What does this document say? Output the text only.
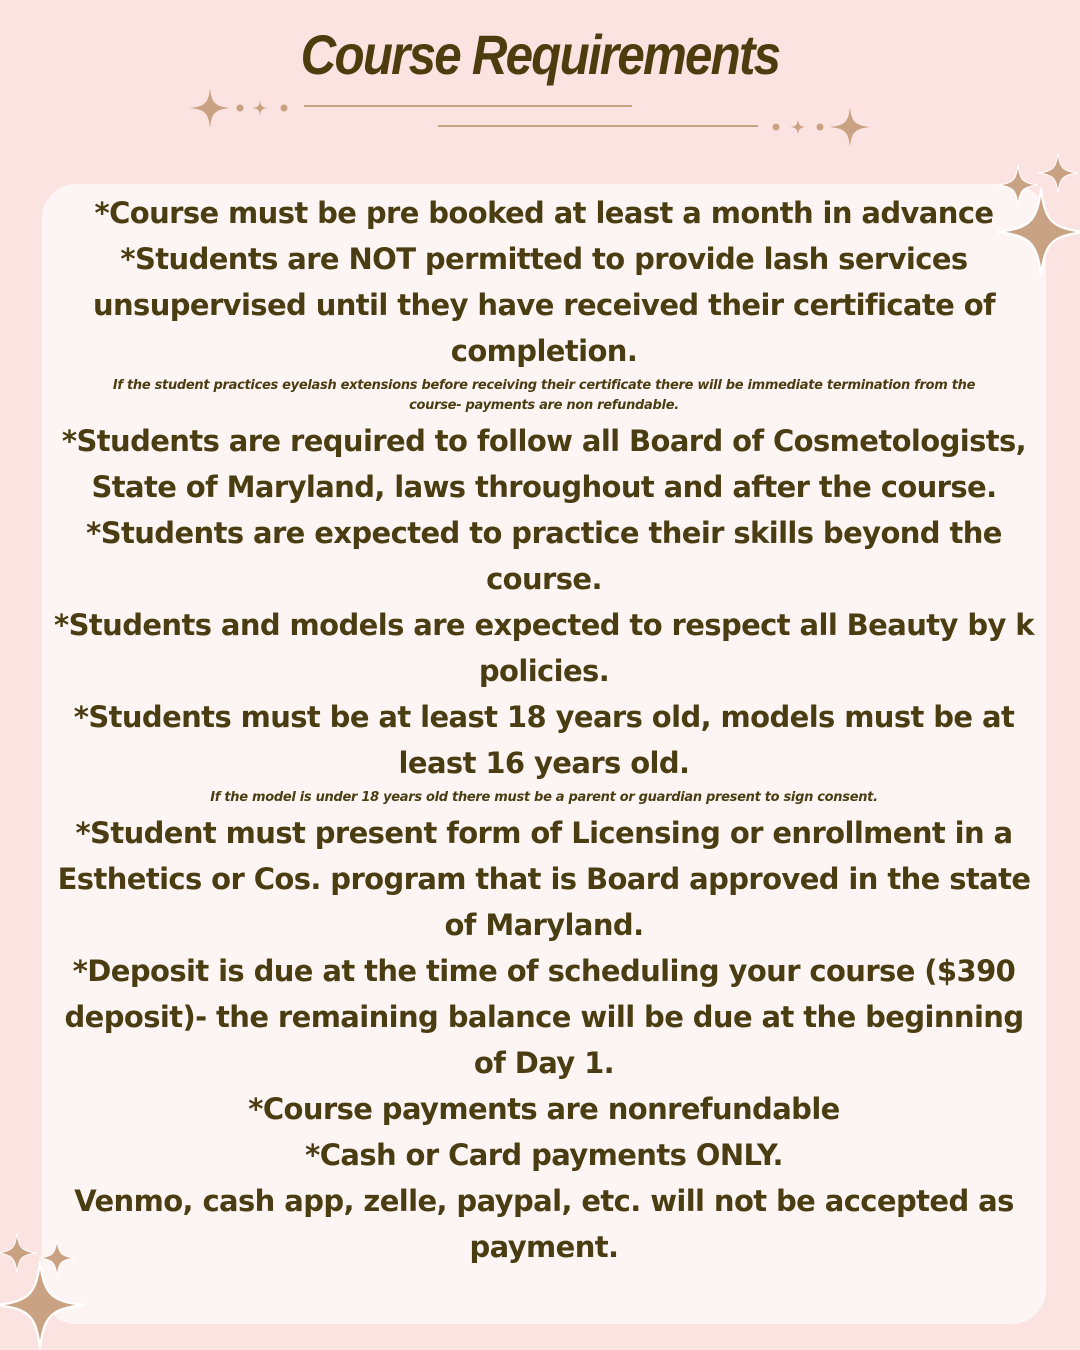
Course Requirements

*Course must be pre booked at least a month in advance

*Students are NOT permitted to provide lash services unsupervised until they have received their certificate of completion.

If the student practices eyelash extensions before receiving their certificate there will be immediate termination from the course- payments are non refundable.

*Students are required to follow all Board of Cosmetologists, State of Maryland, laws throughout and after the course.

*Students are expected to practice their skills beyond the course.

*Students and models are expected to respect all Beauty by k policies.

*Students must be at least 18 years old, models must be at least 16 years old.

If the model is under 18 years old there must be a parent or guardian present to sign consent.

*Student must present form of Licensing or enrollment in a Esthetics or Cos. program that is Board approved in the state of Maryland.

*Deposit is due at the time of scheduling your course ($390 deposit)- the remaining balance will be due at the beginning of Day 1.

*Course payments are nonrefundable

*Cash or Card payments ONLY.

Venmo, cash app, zelle, paypal, etc. will not be accepted as payment.
